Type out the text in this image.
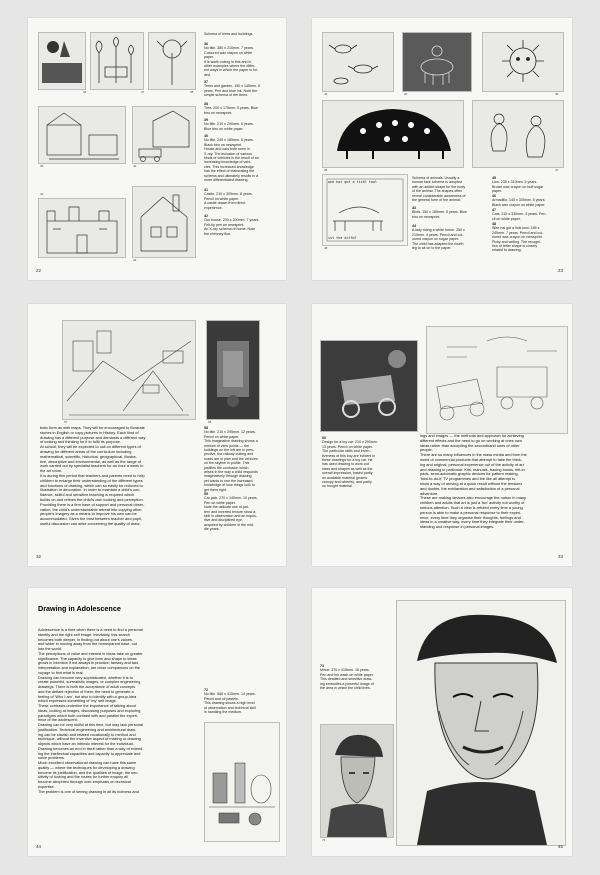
36	37	38
39	40
41
42
Schema of trees and buildings.
36
No title. 380 x 210mm. 7 years.
Coloured wax crayon on white
paper.
It is worth noting in this and in
other examples where the differ-
ent ways in which the paper is fol-
ded.
37
Trees and garden. 150 x 145mm. 5
years. Pen and blue ink. Note the
simple schema of the trees.
38
Tree. 200 x 175mm. 5 years. Blue
biro on newsprint.
39
No title. 210 x 290mm. 6 years.
Blue biro on white paper.
40
No title. 245 x 185mm. 6 years.
Black biro on newsprint.
House and cars both seen in
X-ray. The inclusion of various
kinds of vehicles is the result of an
increasing knowledge of vehi-
cles. This increased knowledge
has the effect of elaborating the
schema and ultimately results in a
more differentiated drawing.
41
Castle. 210 x 305mm. 8 years.
Pencil on white paper.
A castle drawn from direct
experience.
42
Our house. 200 x 200mm. 7 years.
Felt-tip pen on newsprint.
An X-ray schema of home. Note
the chimney flue.
22
wee hai got a tickl towl
ist the diffm?
43	44	45
46	47
48
Schema of animals. Usually a
human face scheme is adopted
with an added shape for the body
of the animal. The shapes often
reveal considerable awareness of
the general form of the animal.
43
Birds. 150 x 185mm. 5 years. Blue
biro on newsprint.
44
A lady riding a white horse. 250 x
210mm. 4 years. Pencil and col-
oured crayon on sugar paper.
The child has adapted the fourth
leg to sit on to the paper.
45
Lion. 235 x 310mm. 5 years.
Brown wax crayon on buff sugar
paper.
46
Armadillo. 145 x 305mm. 5 years.
Black wax crayon on white paper.
47
Cats. 215 x 330mm. 4 years. Pen-
cil on white paper.
48
Wee hai got a tickl towl. 185 x
240mm. 7 years. Pencil and col-
oured wax crayon on newsprint.
Picky and writing. The recogni-
tion of letter shape is closely
related to drawing.
23
57	58
bolic form as with maps. They will be encouraged to illustrate
stories in English or copy pictures in History. Each kind of
drawing has a different purpose and demands a different way
of looking and thinking for it to fulfil its purpose.
At school, they will be expected to call on different types of
drawing for different areas of the curriculum including
mathematical, scientific, historical, geographical, illustra-
tive, descriptive and environmental, as well as the range of
work carried out by specialist teachers for an hour a week in
the art room.
It is during this period that teachers and parents need to help
children to enlarge their understanding of the different types
and functions of drawing, which can so easily be reduced to
illustration or decoration. In order to maintain a child's con-
fidence, skilful and sensitive teaching is required which
builds on and refines the child's own looking and perception.
Providing there is a firm base of support and personal obser-
vation, the child's understandable retreat into copying other
people's imagery as a means to improve his own can be
accommodated. Given the trust between teacher and pupil,
useful discussion can arise concerning the quality of draw-
58
No title. 210 x 295mm. 12 years.
Pencil on white paper.
This imaginative drawing shows a
mixture of view points — the
buildings on the left are in pers-
pective, the railway cutting and
roads are in plan and the vehicles
on the skyline in profile. This
justifies the confusion which
arises in the way a child responds
imaginatively through drawing
yet wants to use the increased
knowledge of how things look to
get them right.
59
Car jack. 270 x 140mm. 10 years.
Pen on white paper.
Note the delicate use of pat-
tern and inverted texture show a
skill in observation and an inquis-
itive and disciplined eye,
acquired by children in the mid-
dle years.
32
60
Design for a toy car. 210 x 290mm.
13 years. Pencil on white paper.
The particular skills and inven-
tiveness of this boy are evident in
these drawings for a toy car. He
has used drawing to work out
sizes and shapes as well as the
overall impression, based partly
on available material (prams
canopy and wheels), and partly
on bought material.
ings and images — the methods and approach for achieving
different effects and the need to go on working at ones own
ideas rather than accepting the secondhand ones of other
people.
There are so many influences in the mass media and from the
world of commercial products that attempt to take the think-
ing and original, personal experience out of the activity of art
and drawing in particular. Kits, manuals, tracing books, felt-in
pads, semi-automatic graphic devices for pattern making,
'how-to-do-it' TV programmes and the like all attempt to
show a way of arriving at a quick result without the tensions
and doubts, the exhilaration and satisfaction of a personal
adventure.
These are making devices also encourage the notion in many
children and adults that art is just a 'fun' activity not worthy of
serious attention. Such a view is refuted every time a young
person is able to make a personal response to their experi-
ence, every time they organise their thoughts, feelings and
ideas in a creative way, every time they integrate their under-
standing and response in personal images.
33
Drawing in Adolescence
Adolescence is a time when there is a need to find a personal
identity and the right self image. Inevitably, this search
becomes both deeper, in finding out about one's values,
and wider in moving away from the home/parent base, out
into the world.
The perceptions of value and interest in ideas take on greater
significance. The capacity to give form and shape to ideas
grows in intention if not always in practice; fantasy and fact,
interpretation and explanation, are close companions on the
voyage to find what is real.
Drawing can become very sophisticated, whether it is to
create powerful, surrealistic images, or complex engineering
drawings. There is both the acceptance of adult concepts
and the defiant rejection of them; the need to generate a
feeling of 'Who I am', but also to identify with a group-idea
which expresses something of 'my' self image.
These contrasts underline the importance of talking about
ideas, looking at images, discussing purposes and exploring
paradigms which both contrast with and parallel the experi-
ence of the adolescent.
Drawing can be very skilful at this time, but may lack personal
justification. Technical engineering and architectural draw-
ing can be slavish and related vocationally to method and
technique, without the inventive aspect of making or drawing
objects which have an intrinsic interest for the individual.
Drawing becomes an end in itself rather than a way of extend-
ing the intellectual capacities and capacity to appreciate and
solve problems.
Much excellent observational drawing can have this same
quality — where the techniques for developing a drawing
become its justification, and the qualities of image, the sen-
sitivity of looking and the routes for further enquiry all
become atrophied through over-emphasis on technical
expertise.
The problem is one of seeing drawing in all its richness and
72
No title. 560 x 415mm. 14 years.
Pencil and oil pastels.
This drawing shows a high level
of observation and technical skill
in handling the medium.
44
73
Mirror. 370 x 415mm. 16 years.
Pen and ink wash on white paper.
This detailed and sensitive draw-
ing embodies a powerful image of
the area in which the child lives.
74
45
